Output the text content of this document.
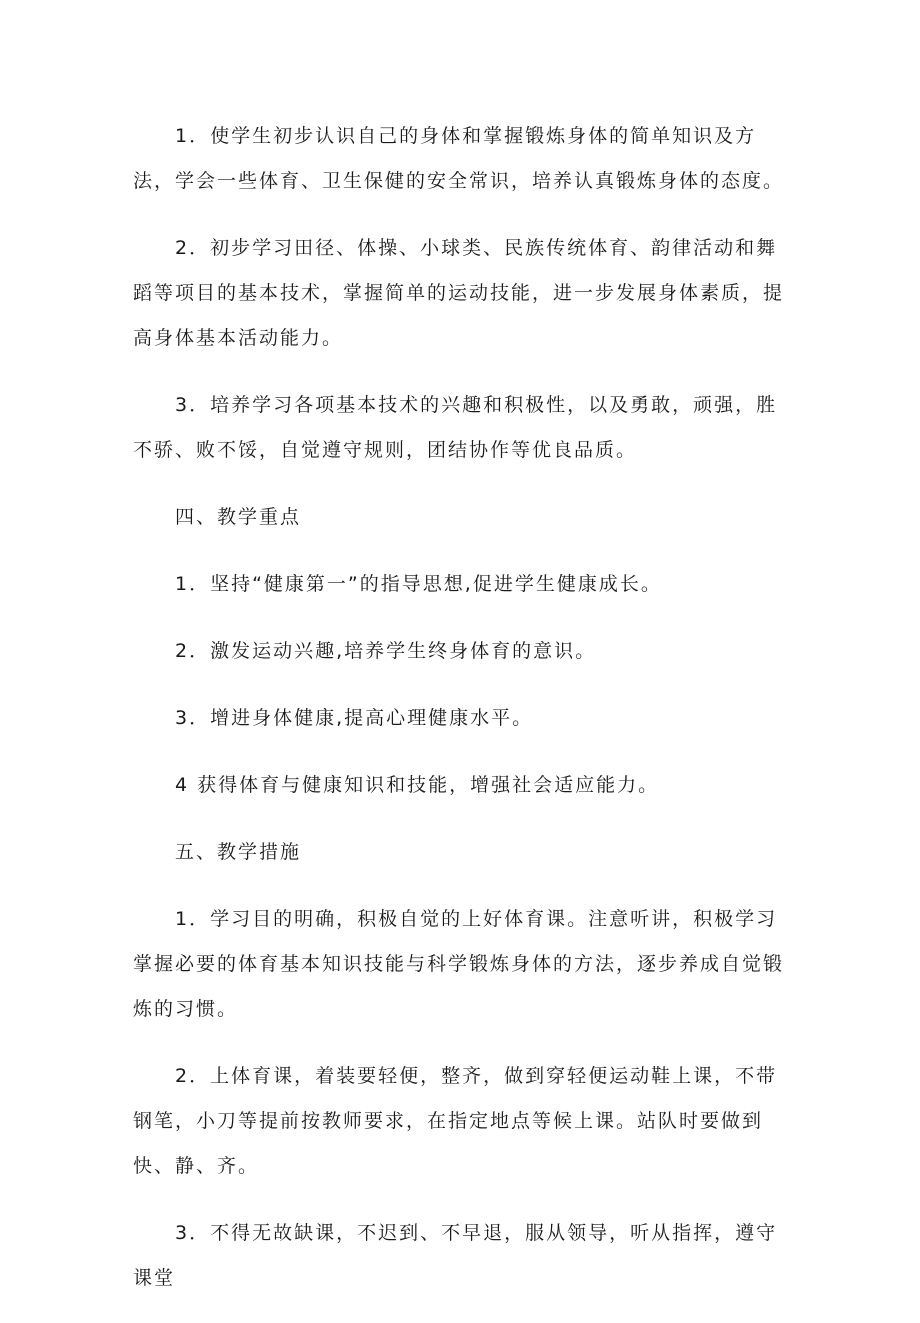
1．使学生初步认识自己的身体和掌握锻炼身体的简单知识及方法，学会一些体育、卫生保健的安全常识，培养认真锻炼身体的态度。

2．初步学习田径、体操、小球类、民族传统体育、韵律活动和舞蹈等项目的基本技术，掌握简单的运动技能，进一步发展身体素质，提高身体基本活动能力。

3．培养学习各项基本技术的兴趣和积极性，以及勇敢，顽强，胜不骄、败不馁，自觉遵守规则，团结协作等优良品质。

四、教学重点

1．坚持“健康第一”的指导思想,促进学生健康成长。

2．激发运动兴趣,培养学生终身体育的意识。

3．增进身体健康,提高心理健康水平。

4 获得体育与健康知识和技能，增强社会适应能力。

五、教学措施

1．学习目的明确，积极自觉的上好体育课。注意听讲，积极学习掌握必要的体育基本知识技能与科学锻炼身体的方法，逐步养成自觉锻炼的习惯。

2．上体育课，着装要轻便，整齐，做到穿轻便运动鞋上课，不带钢笔，小刀等提前按教师要求，在指定地点等候上课。站队时要做到快、静、齐。

3．不得无故缺课，不迟到、不早退，服从领导，听从指挥，遵守课堂
